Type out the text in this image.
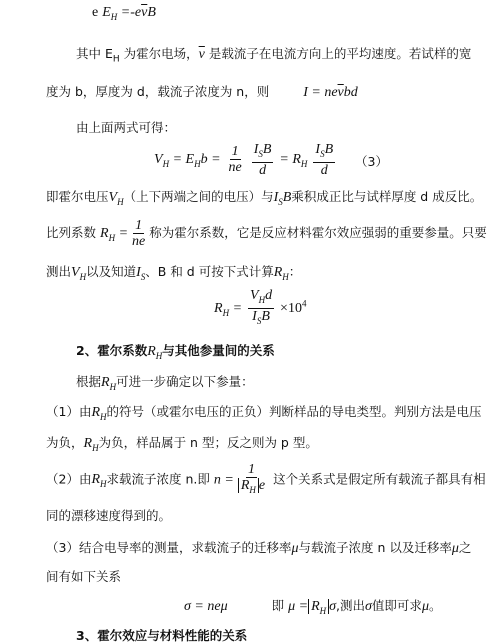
e $E_H =-e\overline{v}B$
其中 $E_H$ 为霍尔电场，$\overline{v}$ 是载流子在电流方向上的平均速度。若试样的宽
度为 b，厚度为 d，载流子浓度为 n，则 $I = ne\overline{v}bd$
由上面两式可得：
$V_H = E_Hb = \frac{1}{ne}$
$\frac{I_SB}{d} = R_H \frac{I_SB}{d} (3)$
即霍尔电压$V_H$（上下两端之间的电压）与$I_SB$乘积成正比与试样厚度 d 成反比。
比列系数 $R_H = \frac{1}{ne}$ 称为霍尔系数，它是反应材料霍尔效应强弱的重要参量。只要
测出$V_H$以及知道$I_S$、B 和 d 可按下式计算$R_H$：
$R_H = \frac{V_Hd}{I_SB} \times 10^4$
2、霍尔系数$R_H$与其他参量间的关系
根据$R_H$可进一步确定以下参量：
（1）由$R_H$的符号（或霍尔电压的正负）判断样品的导电类型。判别方法是电压
为负，$R_H$为负，样品属于 n 型；反之则为 p 型。
（2）由$R_H$求载流子浓度 n.即 $n = \frac{1}{R_H e}$ 这个关系式是假定所有载流子都具有相
同的漂移速度得到的。
（3）结合电导率的测量，求载流子的迁移率μ与载流子浓度 n 以及迁移率μ之
间有如下关系
σ = neμ	即 $\mu = R_H$ σ,测出σ值即可求μ。
3、霍尔效应与材料性能的关系
